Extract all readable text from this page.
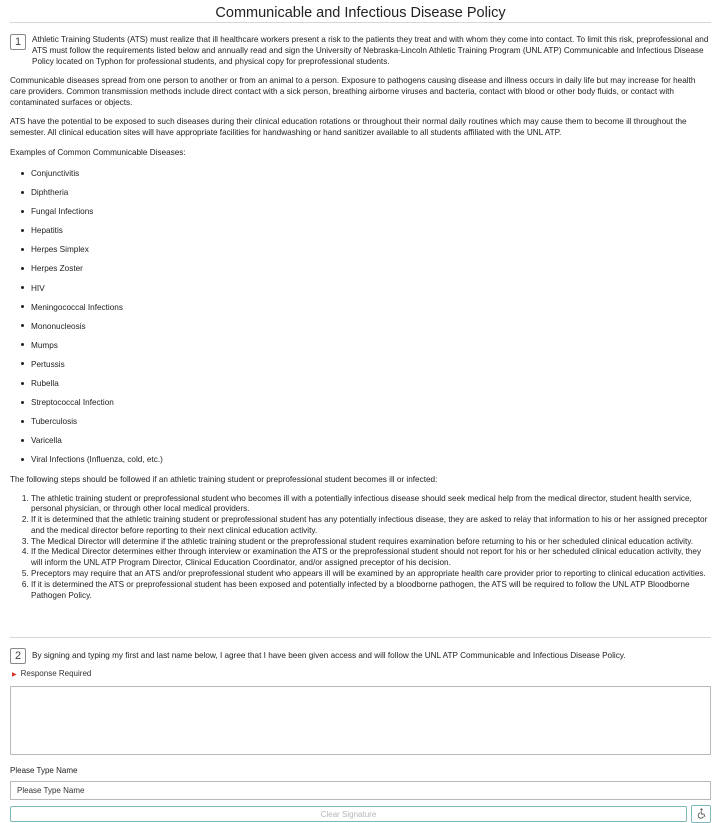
Communicable and Infectious Disease Policy
1	Athletic Training Students (ATS) must realize that ill healthcare workers present a risk to the patients they treat and with whom they come into contact. To limit this risk, preprofessional and ATS must follow the requirements listed below and annually read and sign the University of Nebraska-Lincoln Athletic Training Program (UNL ATP) Communicable and Infectious Disease Policy located on Typhon for professional students, and physical copy for preprofessional students.

Communicable diseases spread from one person to another or from an animal to a person. Exposure to pathogens causing disease and illness occurs in daily life but may increase for health care providers. Common transmission methods include direct contact with a sick person, breathing airborne viruses and bacteria, contact with blood or other body fluids, or contact with contaminated surfaces or objects.

ATS have the potential to be exposed to such diseases during their clinical education rotations or throughout their normal daily routines which may cause them to become ill throughout the semester. All clinical education sites will have appropriate facilities for handwashing or hand sanitizer available to all students affiliated with the UNL ATP.

Examples of Common Communicable Diseases:

Conjunctivitis
Diphtheria
Fungal Infections
Hepatitis
Herpes Simplex
Herpes Zoster
HIV
Meningococcal Infections
Mononucleosis
Mumps
Pertussis
Rubella
Streptococcal Infection
Tuberculosis
Varicella
Viral Infections (Influenza, cold, etc.)

The following steps should be followed if an athletic training student or preprofessional student becomes ill or infected:

1. The athletic training student or preprofessional student who becomes ill with a potentially infectious disease should seek medical help from the medical director, student health service, personal physician, or through other local medical providers.
2. If it is determined that the athletic training student or preprofessional student has any potentially infectious disease, they are asked to relay that information to his or her assigned preceptor and the medical director before reporting to their next clinical education activity.
3. The Medical Director will determine if the athletic training student or the preprofessional student requires examination before returning to his or her scheduled clinical education activity.
4. If the Medical Director determines either through interview or examination the ATS or the preprofessional student should not report for his or her scheduled clinical education activity, they will inform the UNL ATP Program Director, Clinical Education Coordinator, and/or assigned preceptor of his decision.
5. Preceptors may require that an ATS and/or preprofessional student who appears ill will be examined by an appropriate health care provider prior to reporting to clinical education activities.
6. If it is determined the ATS or preprofessional student has been exposed and potentially infected by a bloodborne pathogen, the ATS will be required to follow the UNL ATP Bloodborne Pathogen Policy.
2	By signing and typing my first and last name below, I agree that I have been given access and will follow the UNL ATP Communicable and Infectious Disease Policy.

▶ Response Required
Please Type Name
Please Type Name
Clear Signature
